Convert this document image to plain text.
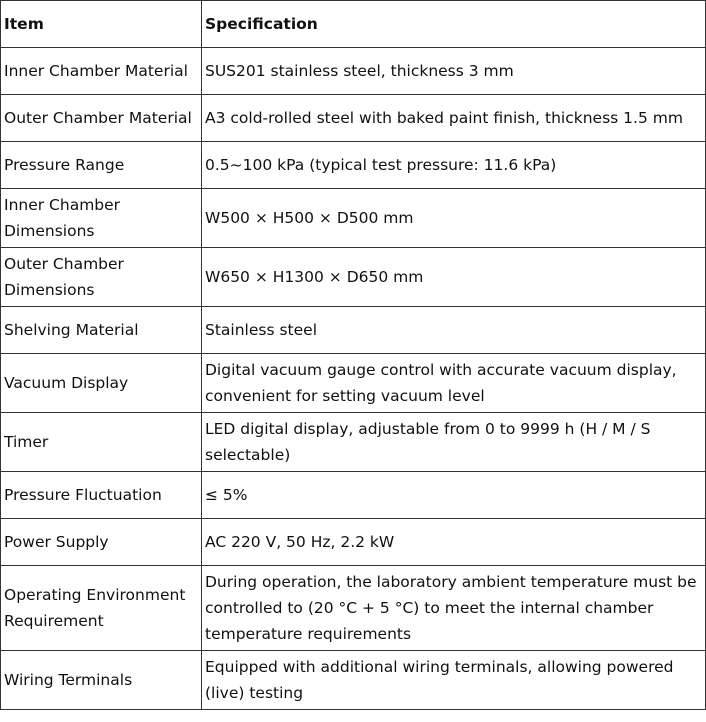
Item	Specification
Inner Chamber Material	SUS201 stainless steel, thickness 3 mm
Outer Chamber Material	A3 cold-rolled steel with baked paint finish, thickness 1.5 mm
Pressure Range	0.5~100 kPa (typical test pressure: 11.6 kPa)
Inner Chamber Dimensions	W500 × H500 × D500 mm
Outer Chamber Dimensions	W650 × H1300 × D650 mm
Shelving Material	Stainless steel
Vacuum Display	Digital vacuum gauge control with accurate vacuum display, convenient for setting vacuum level
Timer	LED digital display, adjustable from 0 to 9999 h (H / M / S selectable)
Pressure Fluctuation	≤ 5%
Power Supply	AC 220 V, 50 Hz, 2.2 kW
Operating Environment Requirement	During operation, the laboratory ambient temperature must be controlled to (20 °C + 5 °C) to meet the internal chamber temperature requirements
Wiring Terminals	Equipped with additional wiring terminals, allowing powered (live) testing
